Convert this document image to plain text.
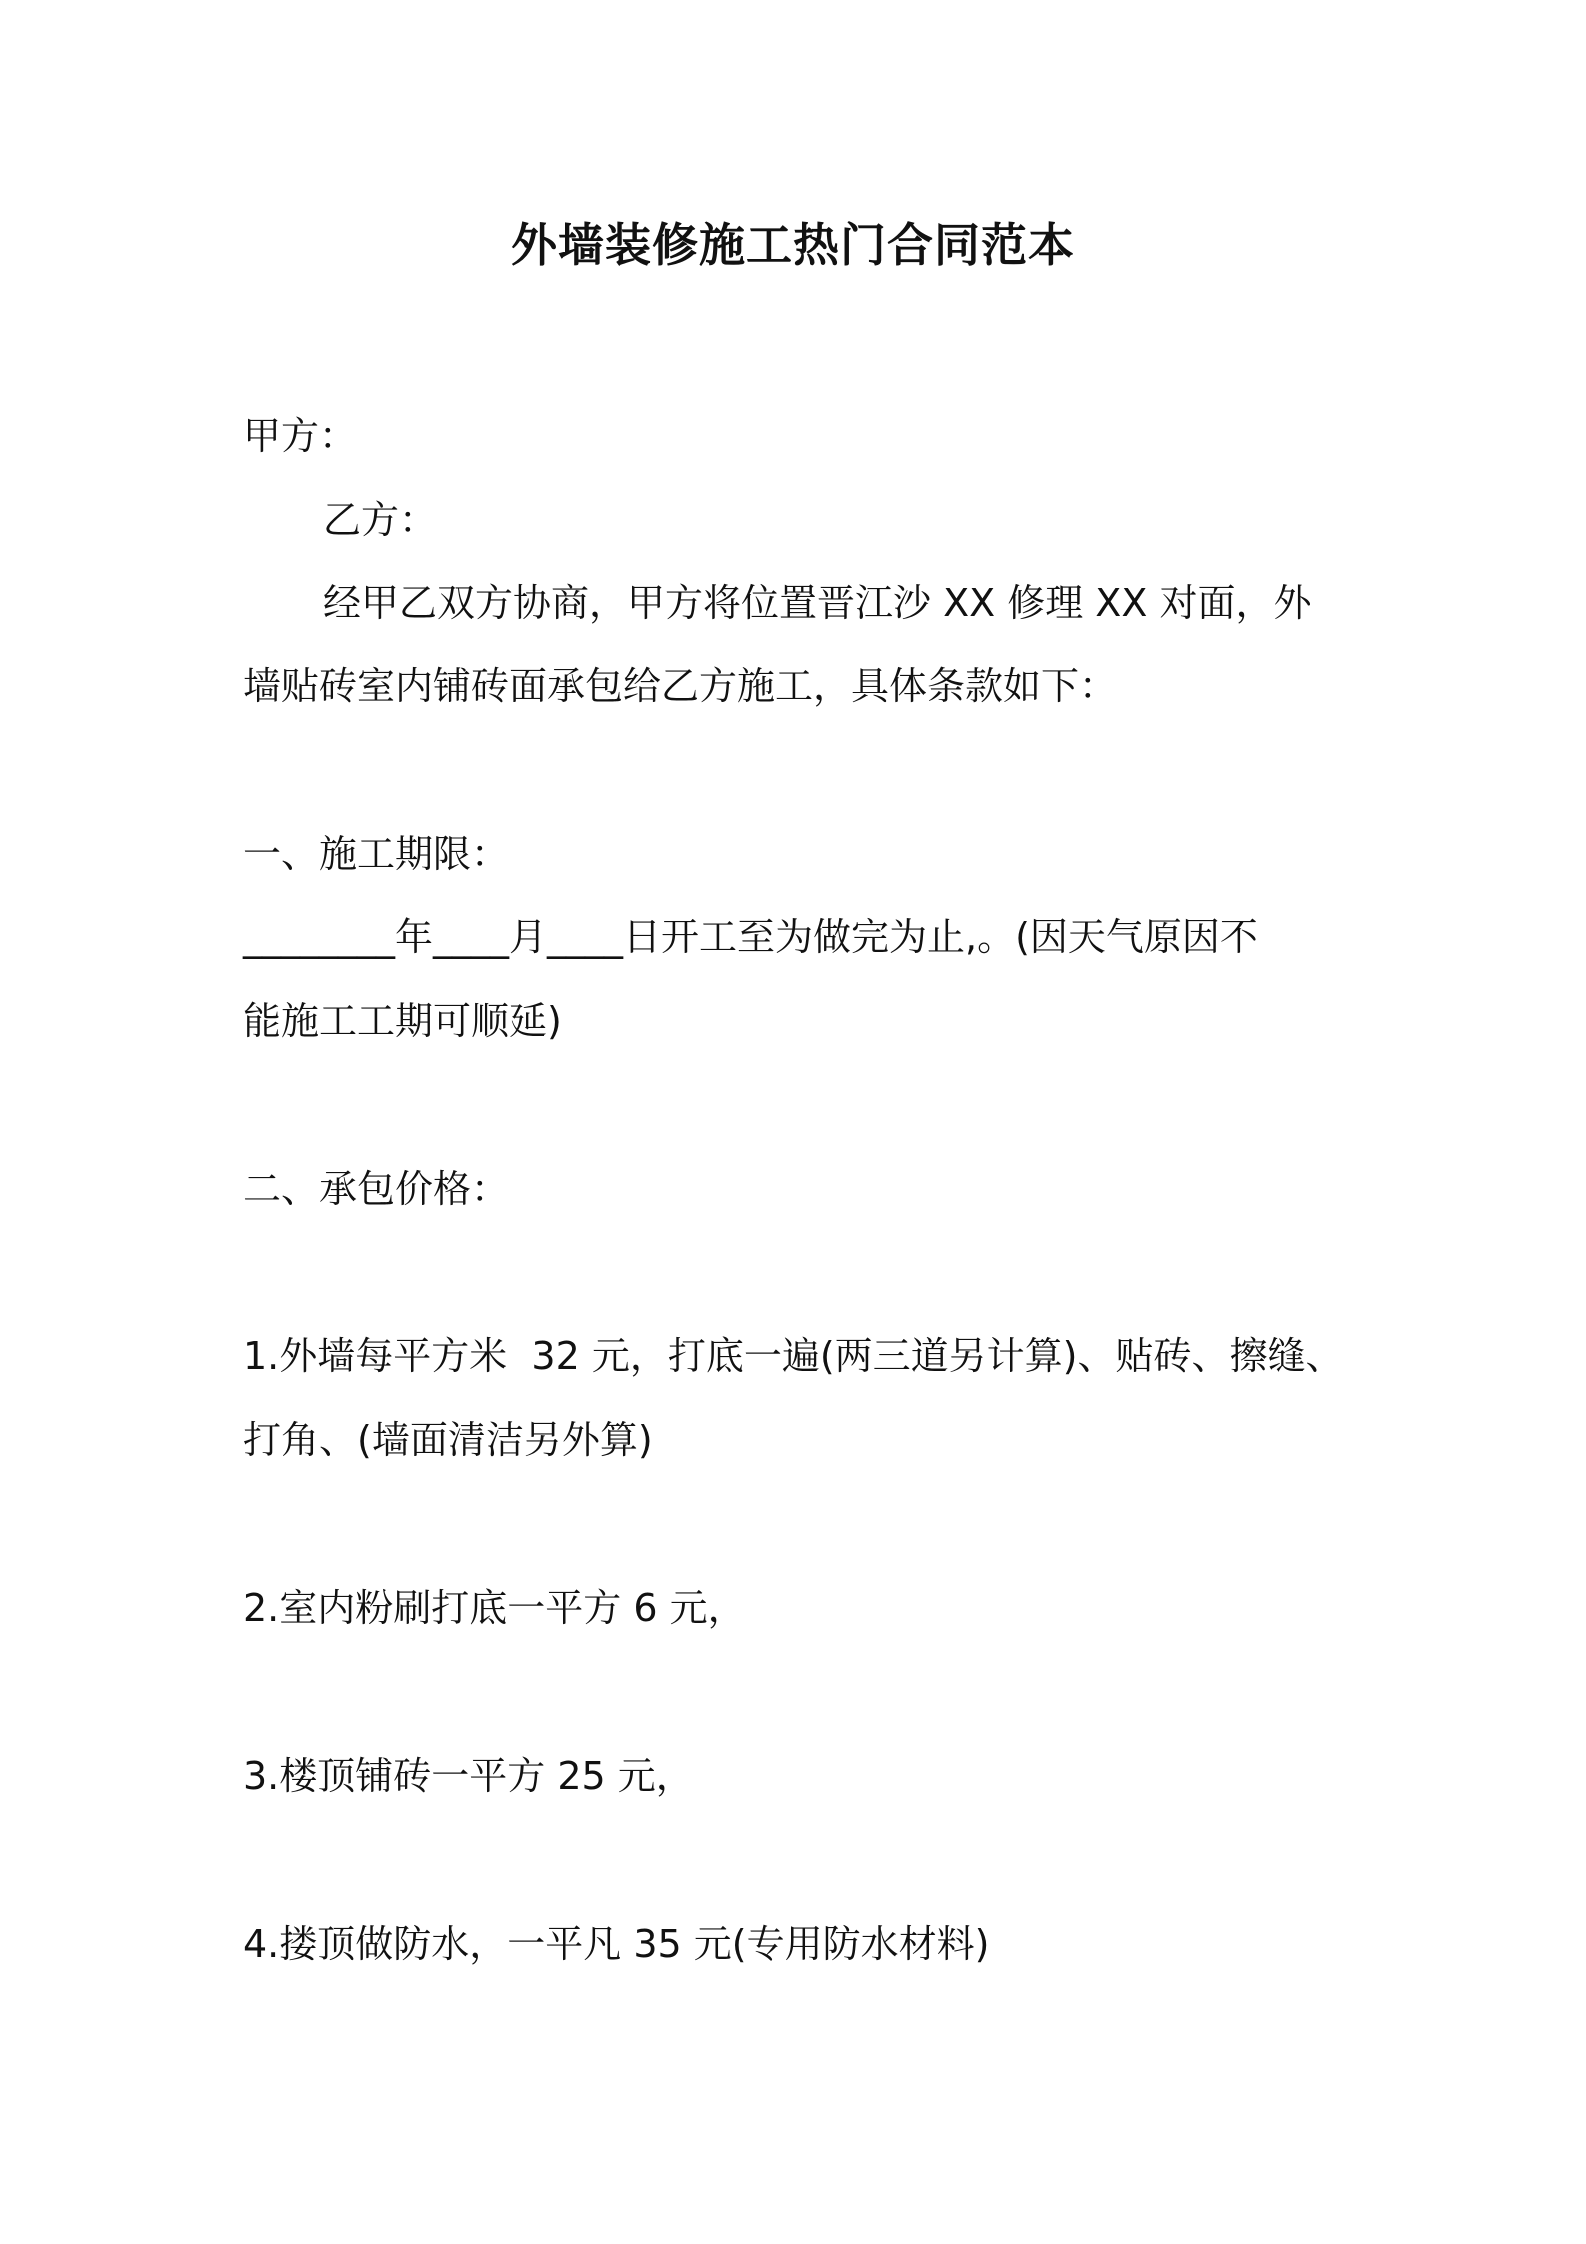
外墙装修施工热门合同范本
甲方：
乙方：
经甲乙双方协商，甲方将位置晋江沙 XX 修理 XX 对面，外
墙贴砖室内铺砖面承包给乙方施工，具体条款如下：
一、施工期限：
________年____月____日开工至为做完为止,。(因天气原因不
能施工工期可顺延)
二、承包价格：
1.外墙每平方米  32 元，打底一遍(两三道另计算)、贴砖、擦缝、
打角、(墙面清洁另外算)
2.室内粉刷打底一平方 6 元，
3.楼顶铺砖一平方 25 元，
4.搂顶做防水，一平凡 35 元(专用防水材料)
